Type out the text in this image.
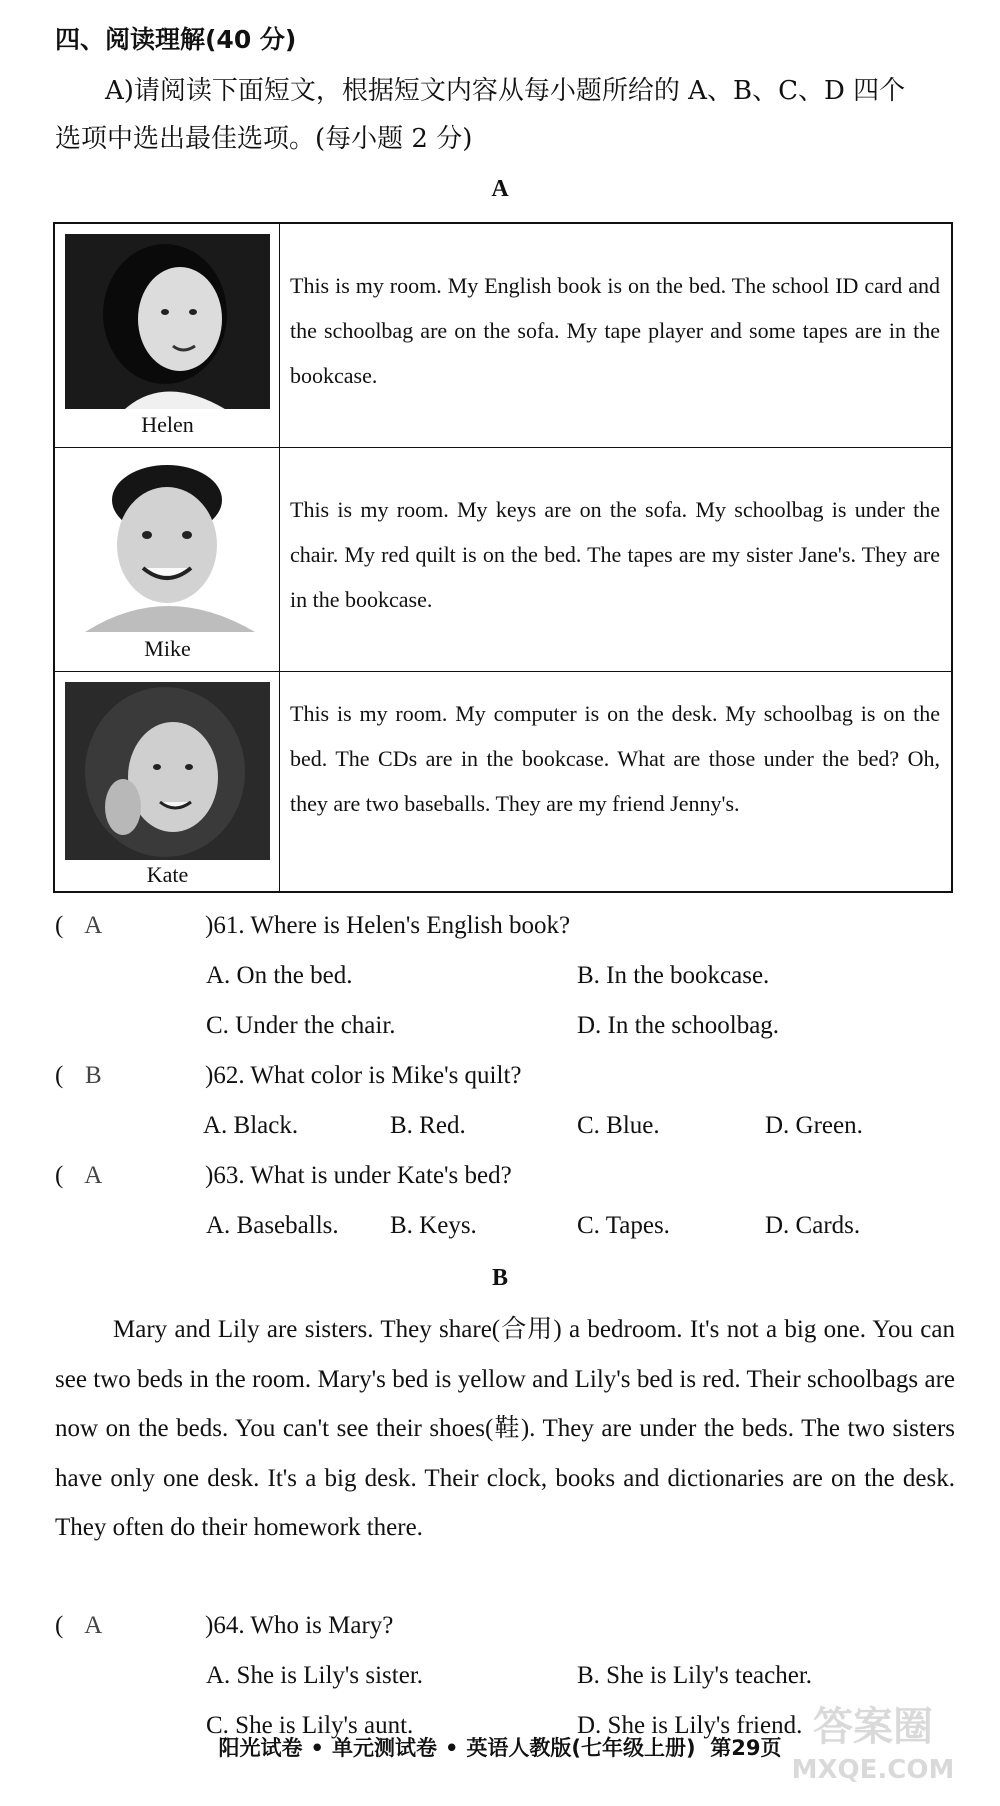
四、阅读理解(40 分)
A)请阅读下面短文，根据短文内容从每小题所给的 A、B、C、D 四个
选项中选出最佳选项。(每小题 2 分)
A
Helen
This is my room. My English book is on the bed. The school ID card and the schoolbag are on the sofa. My tape player and some tapes are in the bookcase.
Mike
This is my room. My keys are on the sofa. My schoolbag is under the chair. My red quilt is on the bed. The tapes are my sister Jane's. They are in the bookcase.
Kate
This is my room. My computer is on the desk. My schoolbag is on the bed. The CDs are in the bookcase. What are those under the bed? Oh, they are two baseballs. They are my friend Jenny's.
( A	)61. Where is Helen's English book?
A. On the bed.	B. In the bookcase.
C. Under the chair.	D. In the schoolbag.
( B	)62. What color is Mike's quilt?
A. Black.	B. Red.	C. Blue.	D. Green.
( A	)63. What is under Kate's bed?
A. Baseballs. B. Keys.	C. Tapes.	D. Cards.
B
Mary and Lily are sisters. They share(合用) a bedroom. It's not a big one. You can see two beds in the room. Mary's bed is yellow and Lily's bed is red. Their schoolbags are now on the beds. You can't see their shoes(鞋). They are under the beds. The two sisters have only one desk. It's a big desk. Their clock, books and dictionaries are on the desk. They often do their homework there.
( A	)64. Who is Mary?
A. She is Lily's sister.	B. She is Lily's teacher.
C. She is Lily's aunt.	D. She is Lily's friend.
阳光试卷 • 单元测试卷 • 英语人教版(七年级上册) 第29页 答案圈
MXQE.COM
